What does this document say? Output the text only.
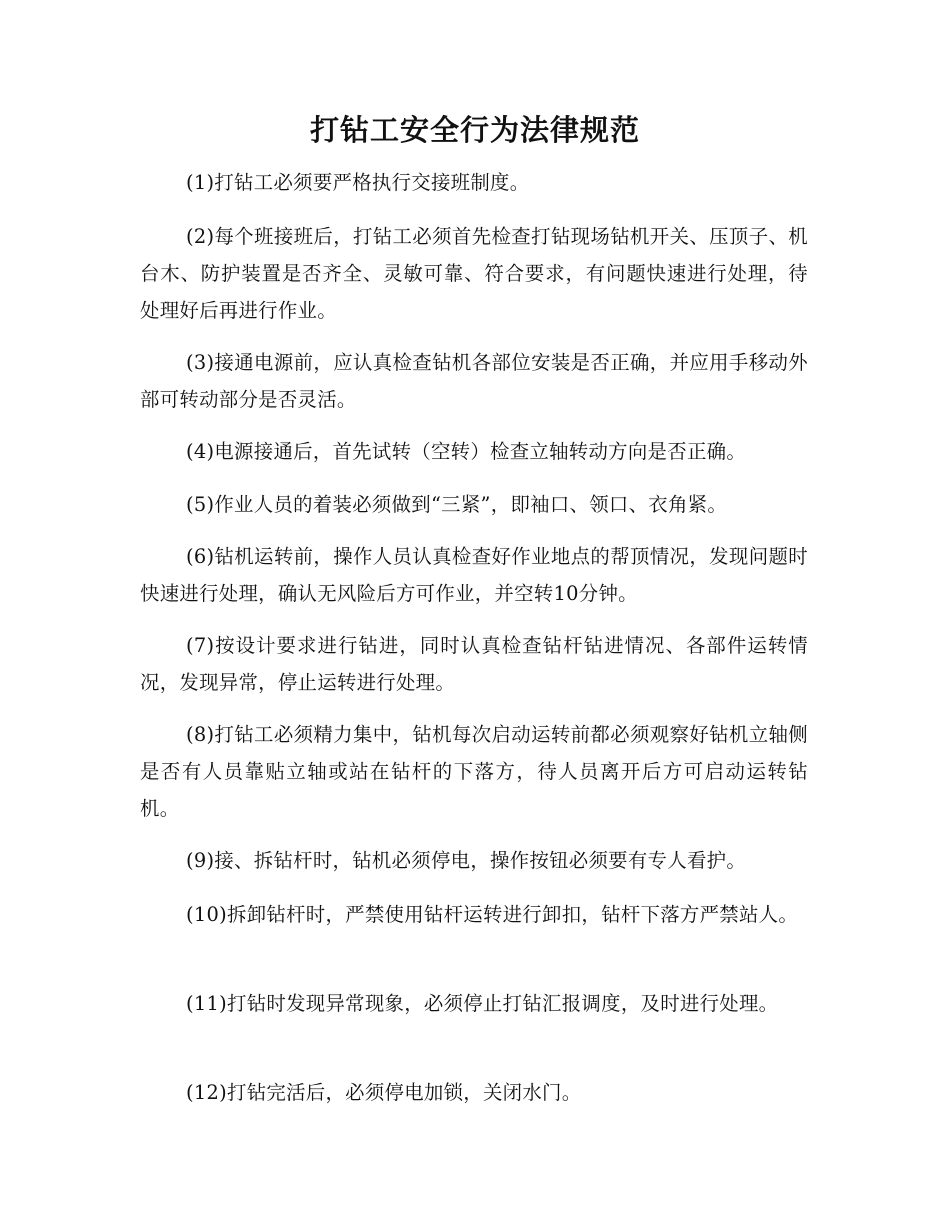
打钻工安全行为法律规范

(1)打钻工必须要严格执行交接班制度。

(2)每个班接班后，打钻工必须首先检查打钻现场钻机开关、压顶子、机台木、防护装置是否齐全、灵敏可靠、符合要求，有问题快速进行处理，待处理好后再进行作业。

(3)接通电源前，应认真检查钻机各部位安装是否正确，并应用手移动外部可转动部分是否灵活。

(4)电源接通后，首先试转（空转）检查立轴转动方向是否正确。

(5)作业人员的着装必须做到“三紧”，即袖口、领口、衣角紧。

(6)钻机运转前，操作人员认真检查好作业地点的帮顶情况，发现问题时快速进行处理，确认无风险后方可作业，并空转10分钟。

(7)按设计要求进行钻进，同时认真检查钻杆钻进情况、各部件运转情况，发现异常，停止运转进行处理。

(8)打钻工必须精力集中，钻机每次启动运转前都必须观察好钻机立轴侧是否有人员靠贴立轴或站在钻杆的下落方，待人员离开后方可启动运转钻机。

(9)接、拆钻杆时，钻机必须停电，操作按钮必须要有专人看护。

(10)拆卸钻杆时，严禁使用钻杆运转进行卸扣，钻杆下落方严禁站人。

(11)打钻时发现异常现象，必须停止打钻汇报调度，及时进行处理。

(12)打钻完活后，必须停电加锁，关闭水门。
